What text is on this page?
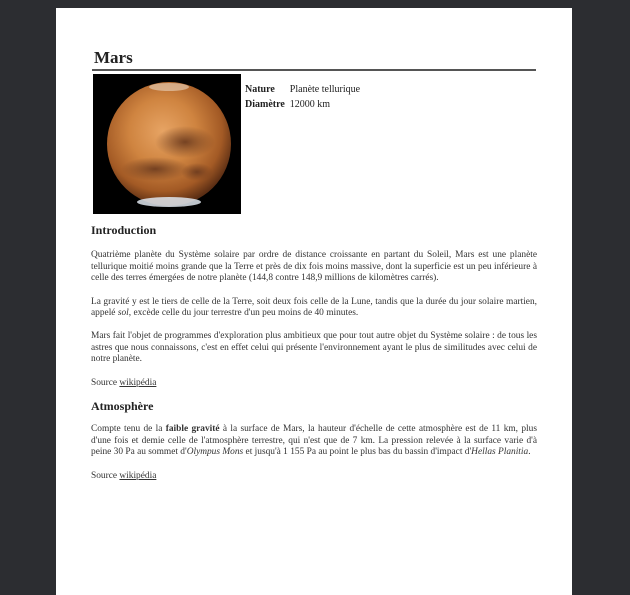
Mars
Nature	Planète tellurique
Diamètre	12000 km
Introduction

Quatrième planète du Système solaire par ordre de distance croissante en partant du Soleil, Mars est une planète tellurique moitié moins grande que la Terre et près de dix fois moins massive, dont la superficie est un peu inférieure à celle des terres émergées de notre planète (144,8 contre 148,9 millions de kilomètres carrés).

La gravité y est le tiers de celle de la Terre, soit deux fois celle de la Lune, tandis que la durée du jour solaire martien, appelé sol, excède celle du jour terrestre d'un peu moins de 40 minutes.

Mars fait l'objet de programmes d'exploration plus ambitieux que pour tout autre objet du Système solaire : de tous les astres que nous connaissons, c'est en effet celui qui présente l'environnement ayant le plus de similitudes avec celui de notre planète.

Source wikipédia

Atmosphère

Compte tenu de la faible gravité à la surface de Mars, la hauteur d'échelle de cette atmosphère est de 11 km, plus d'une fois et demie celle de l'atmosphère terrestre, qui n'est que de 7 km. La pression relevée à la surface varie d'à peine 30 Pa au sommet d'Olympus Mons et jusqu'à 1 155 Pa au point le plus bas du bassin d'impact d'Hellas Planitia.

Source wikipédia
